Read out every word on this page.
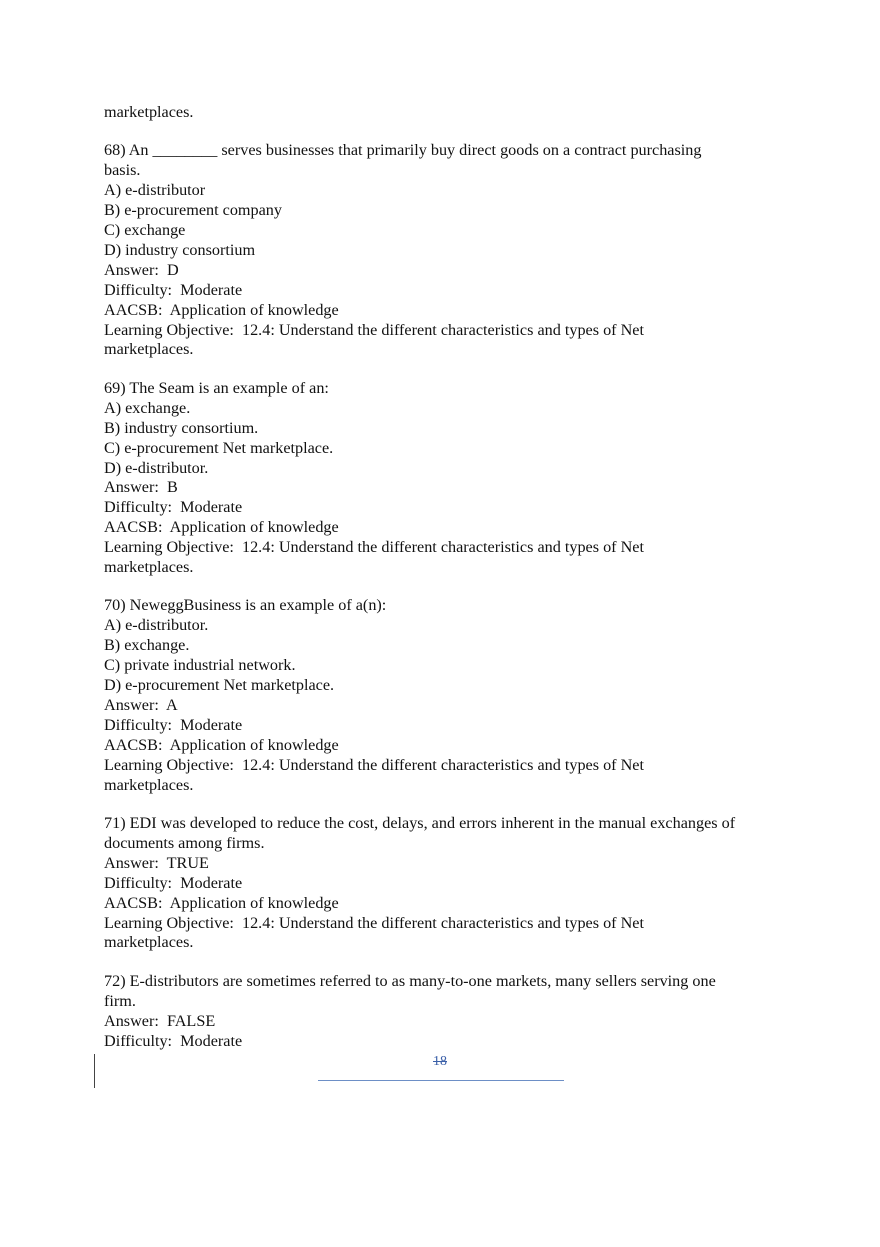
marketplaces.
68) An ________ serves businesses that primarily buy direct goods on a contract purchasing
basis.
A) e-distributor
B) e-procurement company
C) exchange
D) industry consortium
Answer:  D
Difficulty:  Moderate
AACSB:  Application of knowledge
Learning Objective:  12.4: Understand the different characteristics and types of Net
marketplaces.
69) The Seam is an example of an:
A) exchange.
B) industry consortium.
C) e-procurement Net marketplace.
D) e-distributor.
Answer:  B
Difficulty:  Moderate
AACSB:  Application of knowledge
Learning Objective:  12.4: Understand the different characteristics and types of Net
marketplaces.
70) NeweggBusiness is an example of a(n):
A) e-distributor.
B) exchange.
C) private industrial network.
D) e-procurement Net marketplace.
Answer:  A
Difficulty:  Moderate
AACSB:  Application of knowledge
Learning Objective:  12.4: Understand the different characteristics and types of Net
marketplaces.
71) EDI was developed to reduce the cost, delays, and errors inherent in the manual exchanges of
documents among firms.
Answer:  TRUE
Difficulty:  Moderate
AACSB:  Application of knowledge
Learning Objective:  12.4: Understand the different characteristics and types of Net
marketplaces.
72) E-distributors are sometimes referred to as many-to-one markets, many sellers serving one
firm.
Answer:  FALSE
Difficulty:  Moderate
18
